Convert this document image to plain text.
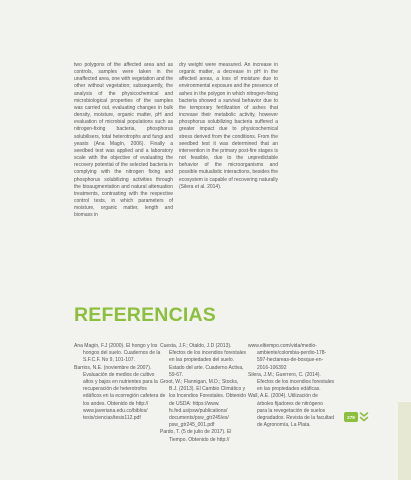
two polygons of the affected area and as controls, samples were taken in the unaffected area, one with vegetation and the other without vegetation; subsequently, the analysis of the physicochemical and microbiological properties of the samples was carried out, evaluating changes in bulk density, moisture, organic matter, pH and evaluation of microbial populations such as nitrogen-fixing bacteria, phosphorus solubilisers, total heterotrophs and fungi and yeasts (Ana Magín, 2006). Finally a seedbed test was applied and a laboratory scale with the objective of evaluating the recovery potential of the selected bacteria in complying with the nitrogen fixing and phosphorus solubilizing activities through the bioaugmentation and natural attenuation treatments, contrasting with the respective control tests, in which parameters of moisture, organic matter, length and biomass in

dry weight were measured. An increase in organic matter, a decrease in pH in the affected areas, a loss of moisture due to environmental exposure and the presence of ashes in the polygon in which nitrogen-fixing bacteria showed a survival behavior due to the temporary fertilization of ashes that increase their metabolic activity, however phosphorus solubilizing bacteria suffered a greater impact due to physicochemical stress derived from the conditions. From the seedbed test it was determined that an intervention in the primary post-fire stages is not feasible, due to the unpredictable behavior of the microorganisms and possible mutualistic interactions, besides the ecosystem is capable of recovering naturally (Silera et al. 2014).

REFERENCIAS

Ana Magín, F.J (2000). El hongo y los hongos del suelo. Cuadernos de la S.F.C.F. No 9, 101-107.

Barrios, N.E. (noviembre de 2007). Evaluación de medios de cultivo altos y bajos en nutrientes para la recuperación de heterotrofos edáficos en la ecorregión cafetera de los andes. Obtenido de http:// www.javeriana.edu.co/biblos/ tesis/ciencias/tesis112.pdf

Cuesta, J.F.; Otaldo, J.D (2013). Efectos de los incendios forestales en las propiedades del suelo. Estado del arte. Cuaderno Activa, 59-67.

Groot, W.; Flannigan, M.D.; Stocks, B.J. (2013). El Cambio Climático y los Incendios Forestales. Obtenido de USDA: https://www. fs.fed.us/psw/publications/ documents/psw_gtr245/es/ psw_gtr245_001.pdf

Pardo, T. (5 de julio de 2017). El Tiempo. Obtenido de http://

www.eltiempo.com/vida/medio-ambiente/colombia-perdio-178-597-hectareas-de-bosque-en-2016-106392

Silera, J.M.; Guerrero, C. (2014). Efectos de los incendios forestales en las propiedades edáficas.

Wall, A.E. (2004). Utilización de árboles fijadores de nitrógeno para la revegetación de suelos degradados. Revista de la facultad de Agronomía, La Plata.

279
